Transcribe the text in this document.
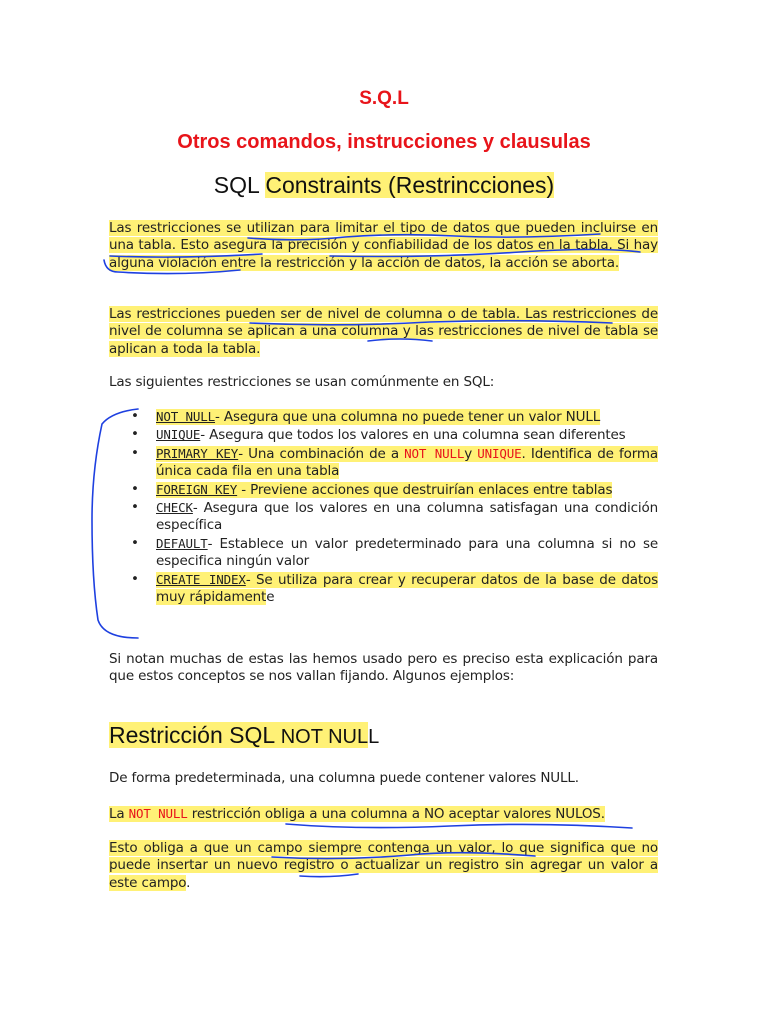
S.Q.L
Otros comandos, instrucciones y clausulas
SQL Constraints (Restrincciones)

Las restricciones se utilizan para limitar el tipo de datos que pueden incluirse en una tabla. Esto asegura la precisión y confiabilidad de los datos en la tabla. Si hay alguna violación entre la restricción y la acción de datos, la acción se aborta.

Las restricciones pueden ser de nivel de columna o de tabla. Las restricciones de nivel de columna se aplican a una columna y las restricciones de nivel de tabla se aplican a toda la tabla.

Las siguientes restricciones se usan comúnmente en SQL:

• NOT NULL- Asegura que una columna no puede tener un valor NULL
• UNIQUE- Asegura que todos los valores en una columna sean diferentes
• PRIMARY KEY- Una combinación de a NOT NULLy UNIQUE. Identifica de forma única cada fila en una tabla
• FOREIGN KEY - Previene acciones que destruirían enlaces entre tablas
• CHECK- Asegura que los valores en una columna satisfagan una condición específica
• DEFAULT- Establece un valor predeterminado para una columna si no se especifica ningún valor
• CREATE INDEX- Se utiliza para crear y recuperar datos de la base de datos muy rápidamente

Si notan muchas de estas las hemos usado pero es preciso esta explicación para que estos conceptos se nos vallan fijando. Algunos ejemplos:

Restricción SQL NOT NULL

De forma predeterminada, una columna puede contener valores NULL.

La NOT NULL restricción obliga a una columna a NO aceptar valores NULOS.

Esto obliga a que un campo siempre contenga un valor, lo que significa que no puede insertar un nuevo registro o actualizar un registro sin agregar un valor a este campo.
